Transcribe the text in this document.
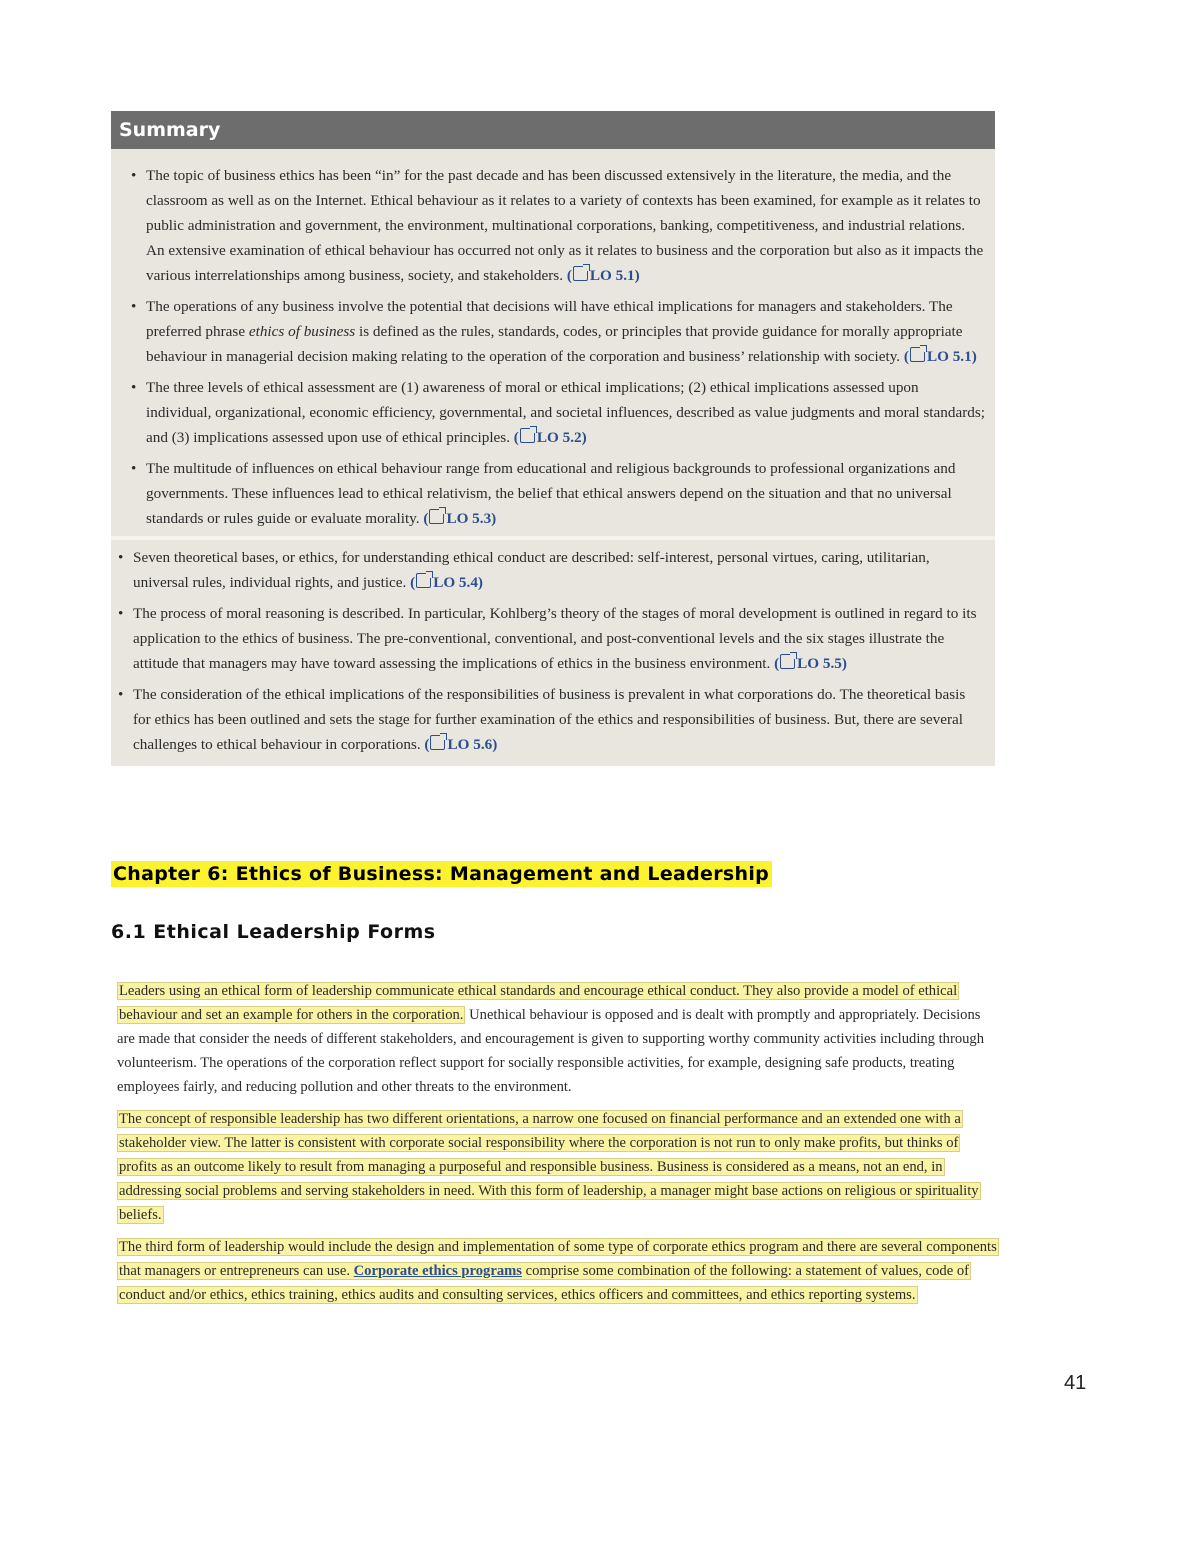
Summary
• The topic of business ethics has been “in” for the past decade and has been discussed extensively in the literature, the media, and the classroom as well as on the Internet. Ethical behaviour as it relates to a variety of contexts has been examined, for example as it relates to public administration and government, the environment, multinational corporations, banking, competitiveness, and industrial relations. An extensive examination of ethical behaviour has occurred not only as it relates to business and the corporation but also as it impacts the various interrelationships among business, society, and stakeholders. ( LO 5.1)
• The operations of any business involve the potential that decisions will have ethical implications for managers and stakeholders. The preferred phrase ethics of business is defined as the rules, standards, codes, or principles that provide guidance for morally appropriate behaviour in managerial decision making relating to the operation of the corporation and business’ relationship with society. ( LO 5.1)
• The three levels of ethical assessment are (1) awareness of moral or ethical implications; (2) ethical implications assessed upon individual, organizational, economic efficiency, governmental, and societal influences, described as value judgments and moral standards; and (3) implications assessed upon use of ethical principles. ( LO 5.2)
• The multitude of influences on ethical behaviour range from educational and religious backgrounds to professional organizations and governments. These influences lead to ethical relativism, the belief that ethical answers depend on the situation and that no universal standards or rules guide or evaluate morality. ( LO 5.3)
• Seven theoretical bases, or ethics, for understanding ethical conduct are described: self-interest, personal virtues, caring, utilitarian, universal rules, individual rights, and justice. ( LO 5.4)
• The process of moral reasoning is described. In particular, Kohlberg’s theory of the stages of moral development is outlined in regard to its application to the ethics of business. The pre-conventional, conventional, and post-conventional levels and the six stages illustrate the attitude that managers may have toward assessing the implications of ethics in the business environment. ( LO 5.5)
• The consideration of the ethical implications of the responsibilities of business is prevalent in what corporations do. The theoretical basis for ethics has been outlined and sets the stage for further examination of the ethics and responsibilities of business. But, there are several challenges to ethical behaviour in corporations. ( LO 5.6)
Chapter 6: Ethics of Business: Management and Leadership
6.1 Ethical Leadership Forms

Leaders using an ethical form of leadership communicate ethical standards and encourage ethical conduct. They also provide a model of ethical behaviour and set an example for others in the corporation. Unethical behaviour is opposed and is dealt with promptly and appropriately. Decisions are made that consider the needs of different stakeholders, and encouragement is given to supporting worthy community activities including through volunteerism. The operations of the corporation reflect support for socially responsible activities, for example, designing safe products, treating employees fairly, and reducing pollution and other threats to the environment.

The concept of responsible leadership has two different orientations, a narrow one focused on financial performance and an extended one with a stakeholder view. The latter is consistent with corporate social responsibility where the corporation is not run to only make profits, but thinks of profits as an outcome likely to result from managing a purposeful and responsible business. Business is considered as a means, not an end, in addressing social problems and serving stakeholders in need. With this form of leadership, a manager might base actions on religious or spirituality beliefs.

The third form of leadership would include the design and implementation of some type of corporate ethics program and there are several components that managers or entrepreneurs can use. Corporate ethics programs comprise some combination of the following: a statement of values, code of conduct and/or ethics, ethics training, ethics audits and consulting services, ethics officers and committees, and ethics reporting systems.

41
